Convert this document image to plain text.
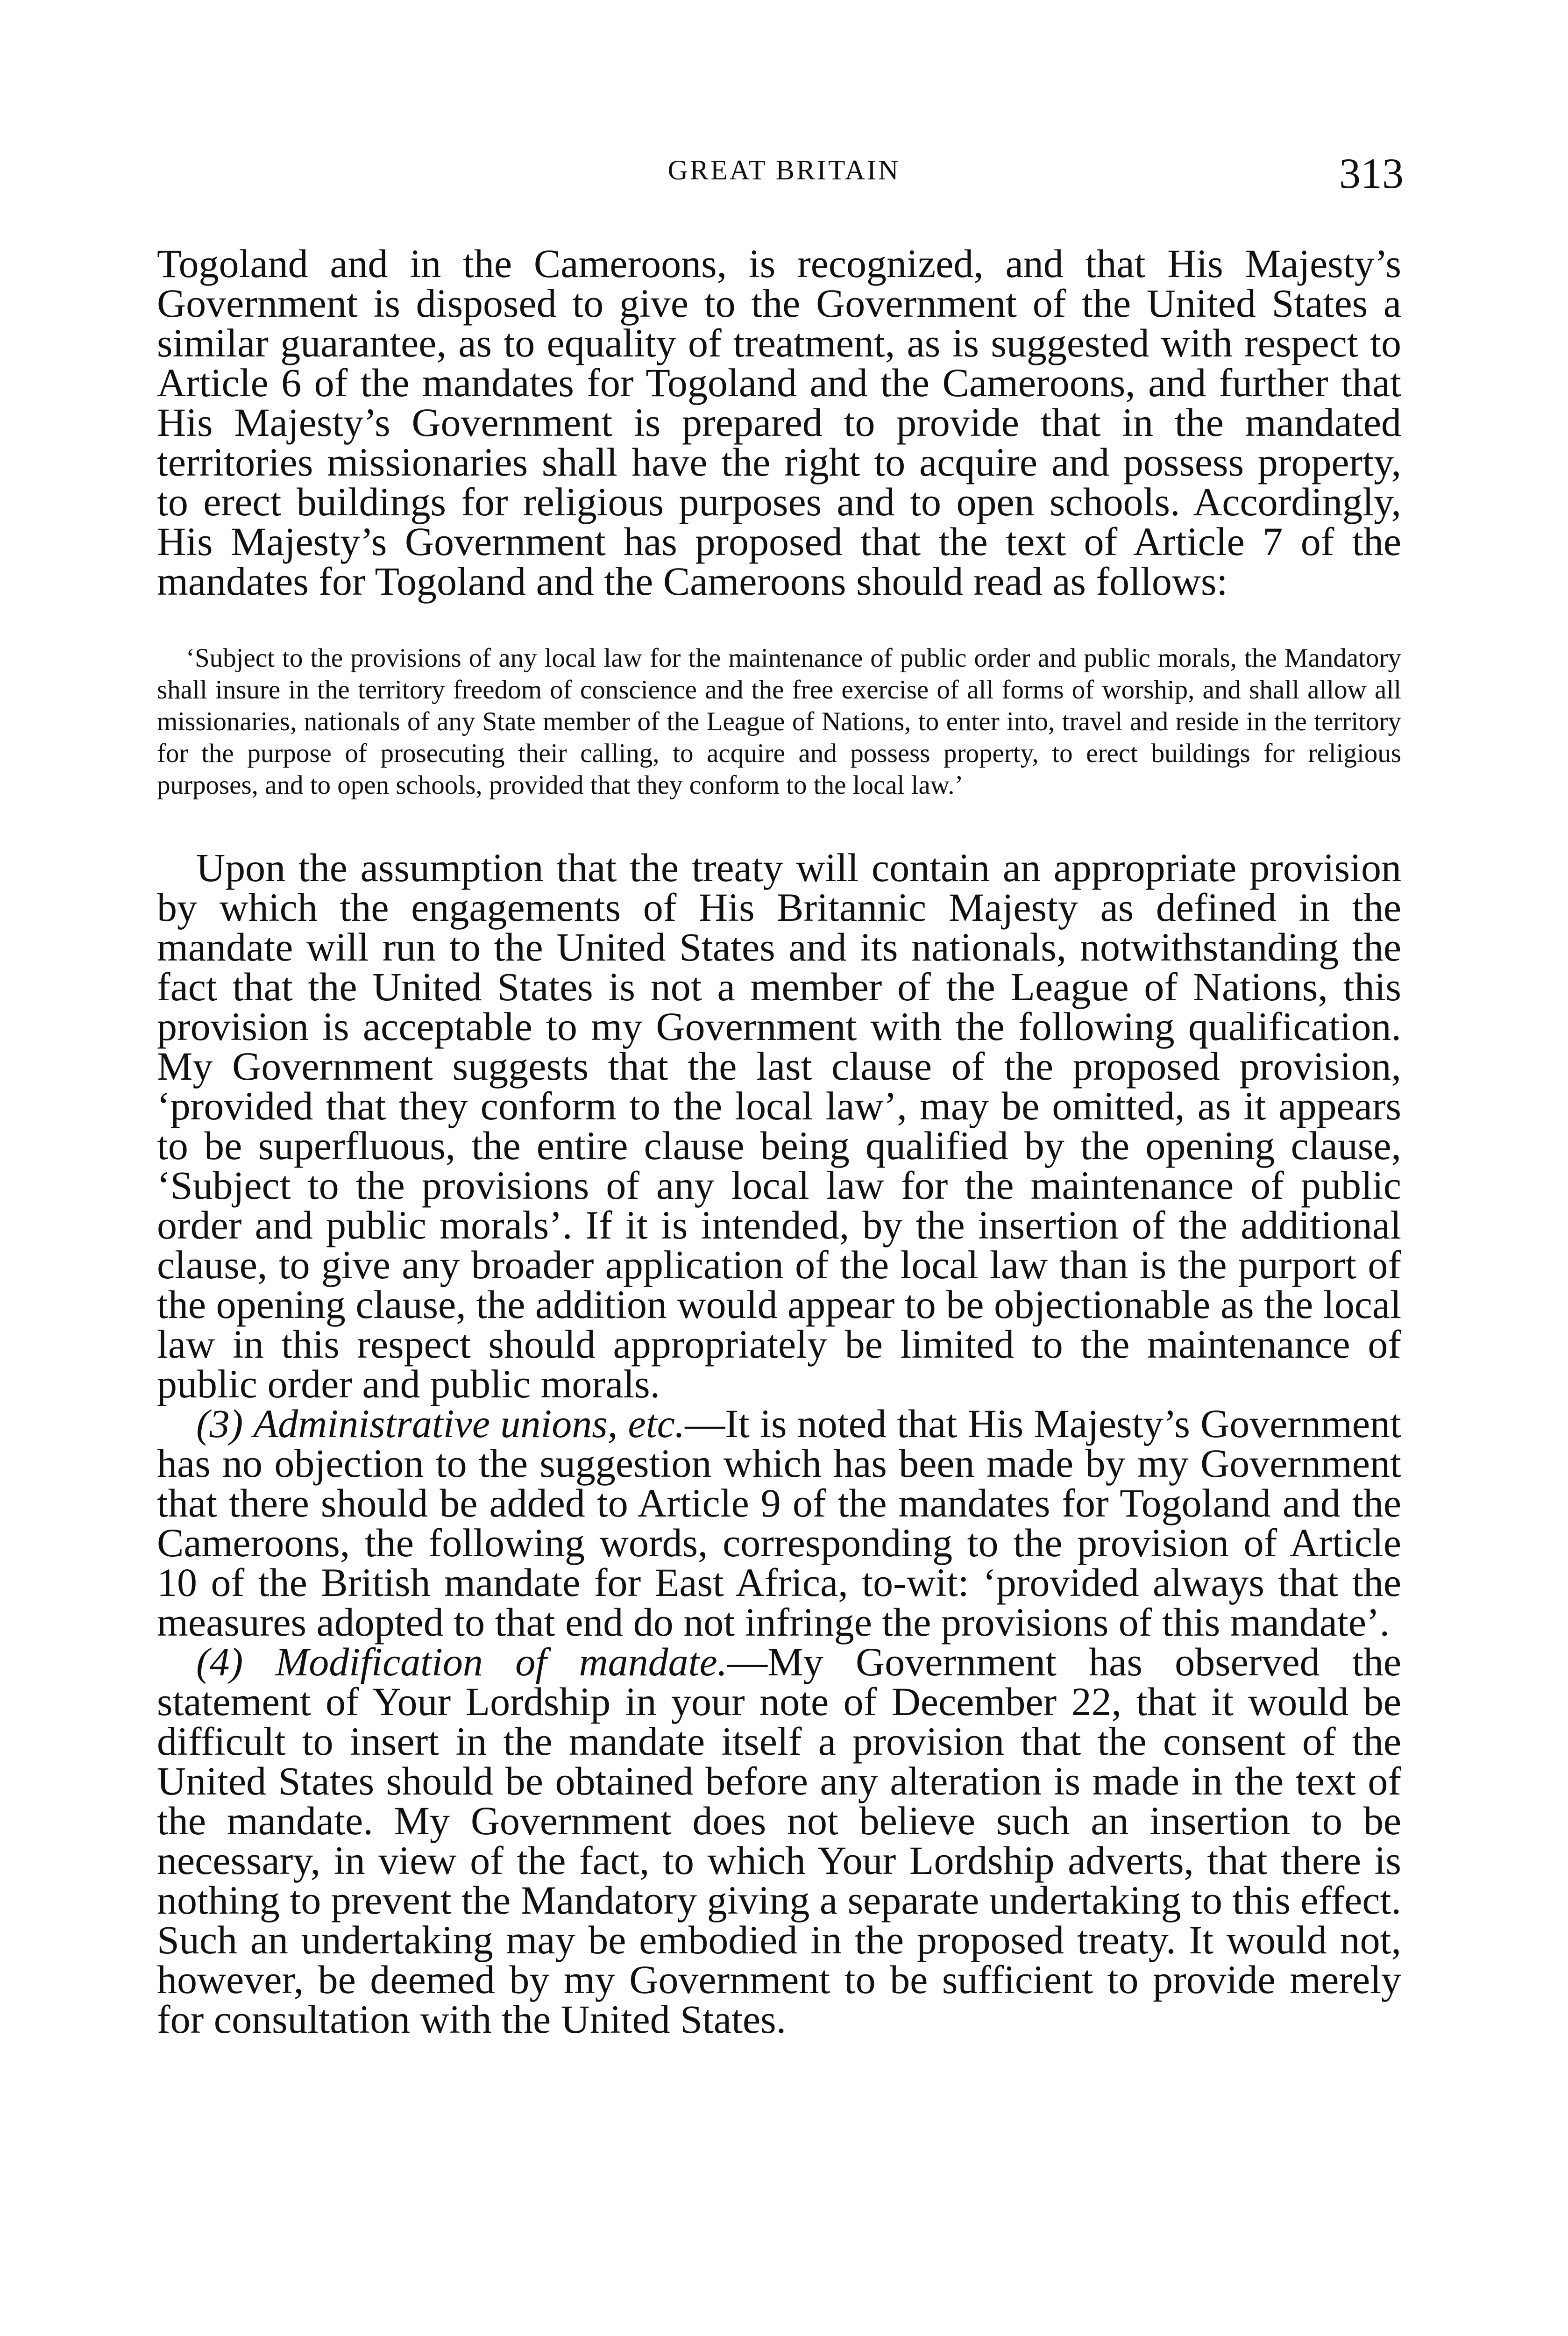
GREAT BRITAIN	313

Togoland and in the Cameroons, is recognized, and that His Majesty’s Government is disposed to give to the Government of the United States a similar guarantee, as to equality of treatment, as is suggested with respect to Article 6 of the mandates for Togoland and the Cameroons, and further that His Majesty’s Government is prepared to provide that in the mandated territories missionaries shall have the right to acquire and possess property, to erect buildings for religious purposes and to open schools. Accordingly, His Majesty’s Government has proposed that the text of Article 7 of the mandates for Togoland and the Cameroons should read as follows:

‘Subject to the provisions of any local law for the maintenance of public order and public morals, the Mandatory shall insure in the territory freedom of conscience and the free exercise of all forms of worship, and shall allow all missionaries, nationals of any State member of the League of Nations, to enter into, travel and reside in the territory for the purpose of prosecuting their calling, to acquire and possess property, to erect buildings for religious purposes, and to open schools, provided that they conform to the local law.’

Upon the assumption that the treaty will contain an appropriate provision by which the engagements of His Britannic Majesty as defined in the mandate will run to the United States and its nationals, notwithstanding the fact that the United States is not a member of the League of Nations, this provision is acceptable to my Government with the following qualification. My Government suggests that the last clause of the proposed provision, ‘provided that they conform to the local law’, may be omitted, as it appears to be superfluous, the entire clause being qualified by the opening clause, ‘Subject to the provisions of any local law for the maintenance of public order and public morals’. If it is intended, by the insertion of the additional clause, to give any broader application of the local law than is the purport of the opening clause, the addition would appear to be objectionable as the local law in this respect should appropriately be limited to the maintenance of public order and public morals.

(3) Administrative unions, etc.—It is noted that His Majesty’s Government has no objection to the suggestion which has been made by my Government that there should be added to Article 9 of the mandates for Togoland and the Cameroons, the following words, corresponding to the provision of Article 10 of the British mandate for East Africa, to-wit: ‘provided always that the measures adopted to that end do not infringe the provisions of this mandate’.

(4) Modification of mandate.—My Government has observed the statement of Your Lordship in your note of December 22, that it would be difficult to insert in the mandate itself a provision that the consent of the United States should be obtained before any alteration is made in the text of the mandate. My Government does not believe such an insertion to be necessary, in view of the fact, to which Your Lordship adverts, that there is nothing to prevent the Mandatory giving a separate undertaking to this effect. Such an undertaking may be embodied in the proposed treaty. It would not, however, be deemed by my Government to be sufficient to provide merely for consultation with the United States.
